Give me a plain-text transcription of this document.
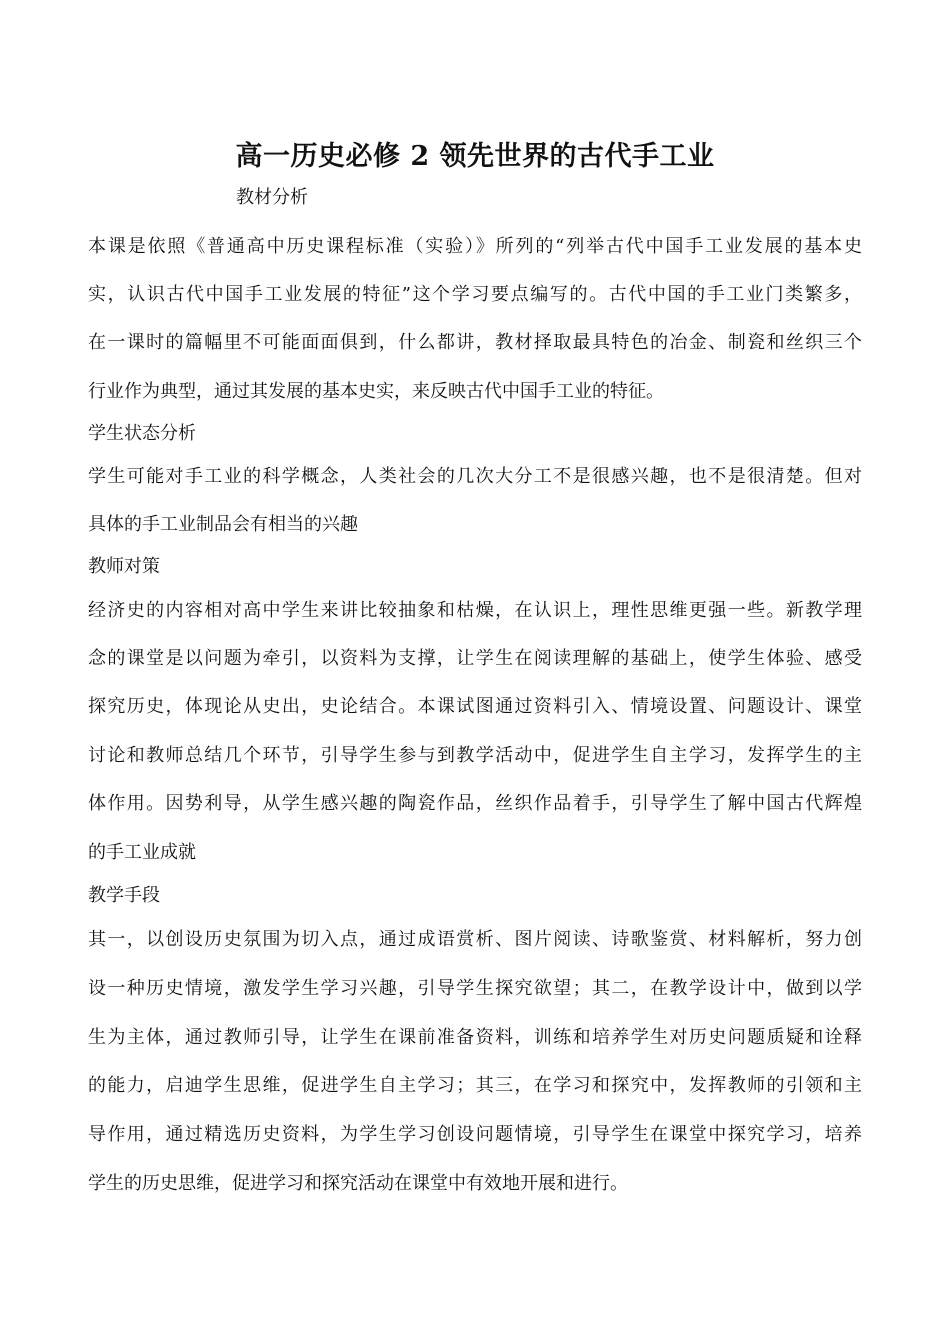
高一历史必修 2 领先世界的古代手工业
教材分析
本课是依照《普通高中历史课程标准（实验）》所列的“列举古代中国手工业发展的基本史
实，认识古代中国手工业发展的特征”这个学习要点编写的。古代中国的手工业门类繁多，
在一课时的篇幅里不可能面面俱到，什么都讲，教材择取最具特色的冶金、制瓷和丝织三个
行业作为典型，通过其发展的基本史实，来反映古代中国手工业的特征。
学生状态分析
学生可能对手工业的科学概念，人类社会的几次大分工不是很感兴趣，也不是很清楚。但对
具体的手工业制品会有相当的兴趣
教师对策
经济史的内容相对高中学生来讲比较抽象和枯燥，在认识上，理性思维更强一些。新教学理
念的课堂是以问题为牵引，以资料为支撑，让学生在阅读理解的基础上，使学生体验、感受
探究历史，体现论从史出，史论结合。本课试图通过资料引入、情境设置、问题设计、课堂
讨论和教师总结几个环节，引导学生参与到教学活动中，促进学生自主学习，发挥学生的主
体作用。因势利导，从学生感兴趣的陶瓷作品，丝织作品着手，引导学生了解中国古代辉煌
的手工业成就
教学手段
其一，以创设历史氛围为切入点，通过成语赏析、图片阅读、诗歌鉴赏、材料解析，努力创
设一种历史情境，激发学生学习兴趣，引导学生探究欲望；其二，在教学设计中，做到以学
生为主体，通过教师引导，让学生在课前准备资料，训练和培养学生对历史问题质疑和诠释
的能力，启迪学生思维，促进学生自主学习；其三，在学习和探究中，发挥教师的引领和主
导作用，通过精选历史资料，为学生学习创设问题情境，引导学生在课堂中探究学习，培养
学生的历史思维，促进学习和探究活动在课堂中有效地开展和进行。
